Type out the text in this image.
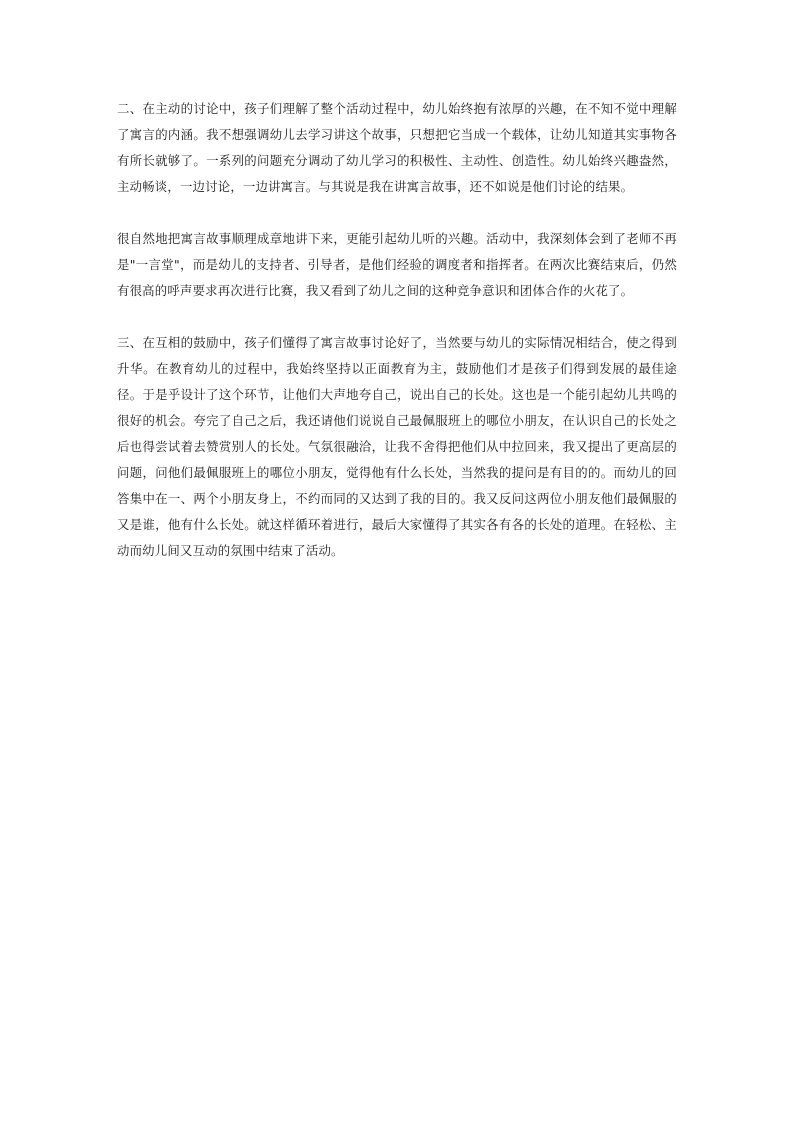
二、在主动的讨论中，孩子们理解了整个活动过程中，幼儿始终抱有浓厚的兴趣，在不知不觉中理解了寓言的内涵。我不想强调幼儿去学习讲这个故事，只想把它当成一个载体，让幼儿知道其实事物各有所长就够了。一系列的问题充分调动了幼儿学习的积极性、主动性、创造性。幼儿始终兴趣盎然，主动畅谈，一边讨论，一边讲寓言。与其说是我在讲寓言故事，还不如说是他们讨论的结果。

很自然地把寓言故事顺理成章地讲下来，更能引起幼儿听的兴趣。活动中，我深刻体会到了老师不再是"一言堂"，而是幼儿的支持者、引导者，是他们经验的调度者和指挥者。在两次比赛结束后，仍然有很高的呼声要求再次进行比赛，我又看到了幼儿之间的这种竞争意识和团体合作的火花了。

三、在互相的鼓励中，孩子们懂得了寓言故事讨论好了，当然要与幼儿的实际情况相结合，使之得到升华。在教育幼儿的过程中，我始终坚持以正面教育为主，鼓励他们才是孩子们得到发展的最佳途径。于是乎设计了这个环节，让他们大声地夸自己，说出自己的长处。这也是一个能引起幼儿共鸣的很好的机会。夸完了自己之后，我还请他们说说自己最佩服班上的哪位小朋友，在认识自己的长处之后也得尝试着去赞赏别人的长处。气氛很融洽，让我不舍得把他们从中拉回来，我又提出了更高层的问题，问他们最佩服班上的哪位小朋友，觉得他有什么长处，当然我的提问是有目的的。而幼儿的回答集中在一、两个小朋友身上，不约而同的又达到了我的目的。我又反问这两位小朋友他们最佩服的又是谁，他有什么长处。就这样循环着进行，最后大家懂得了其实各有各的长处的道理。在轻松、主动而幼儿间又互动的氛围中结束了活动。
